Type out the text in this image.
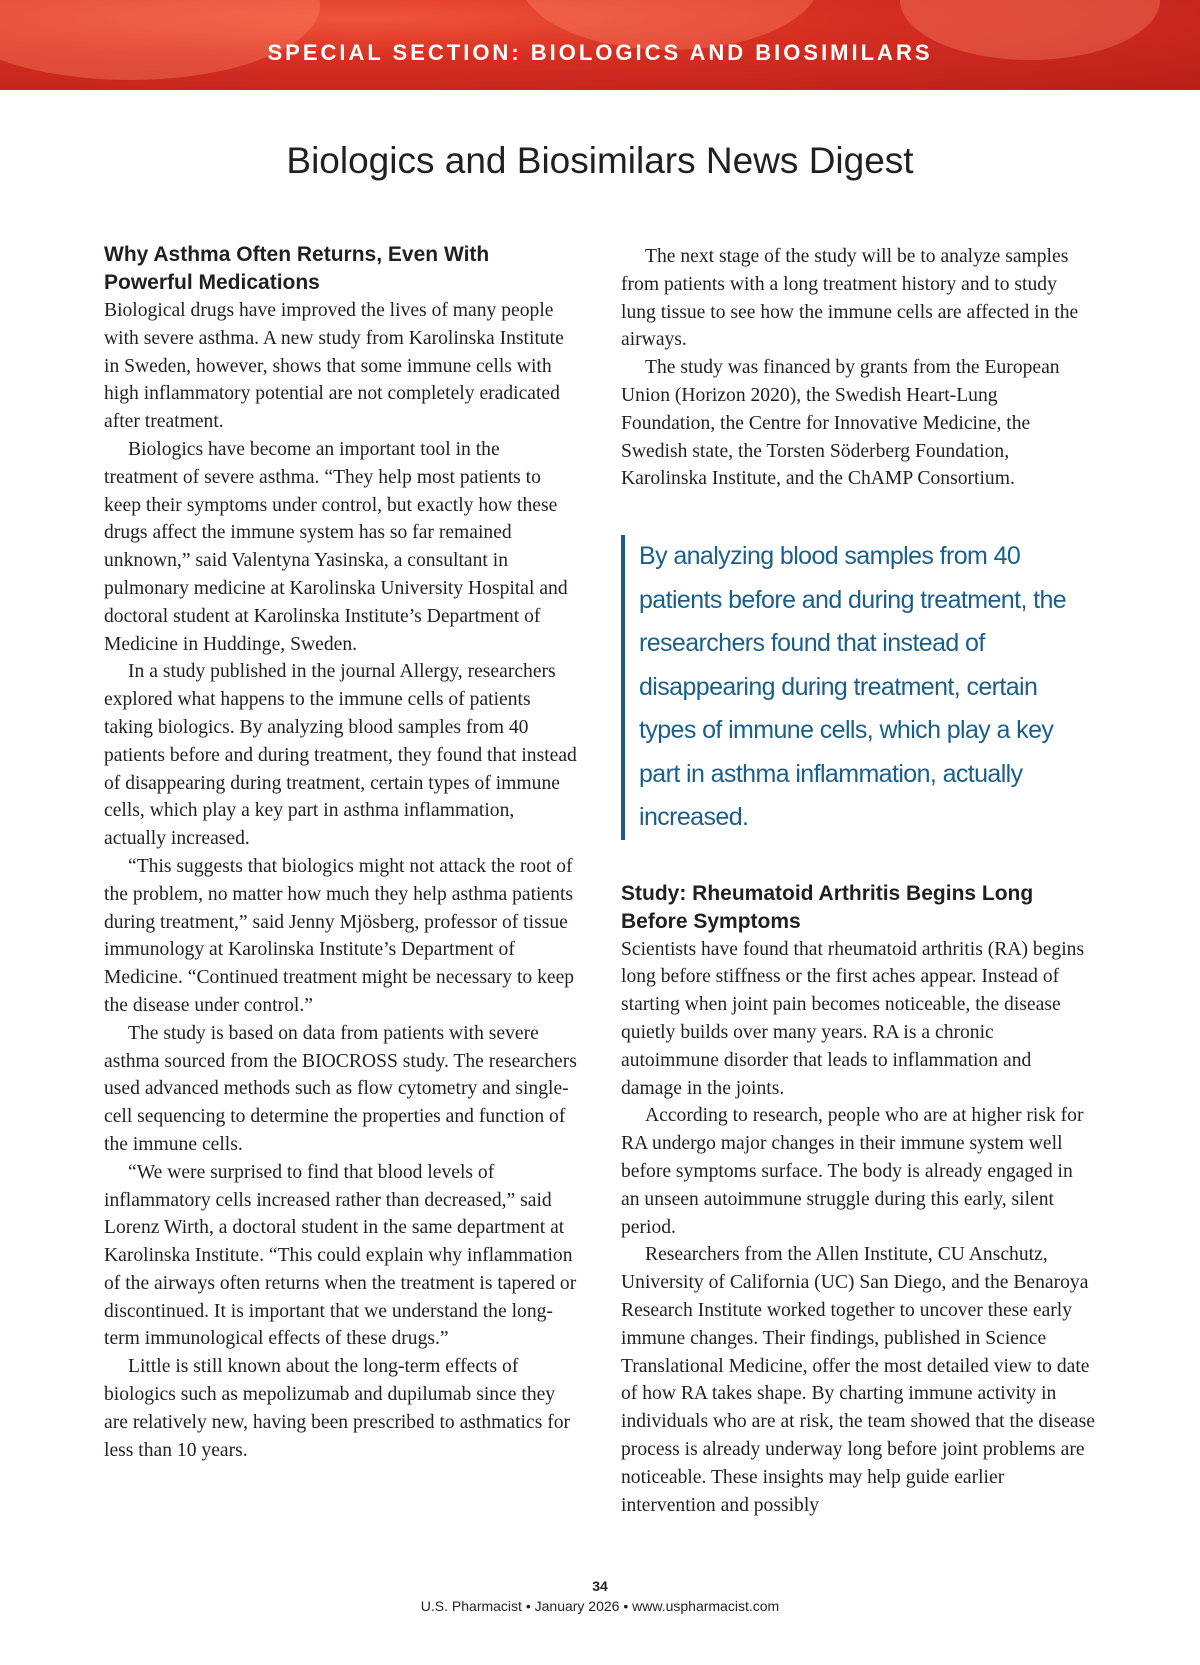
SPECIAL SECTION: BIOLOGICS AND BIOSIMILARS
Biologics and Biosimilars News Digest
Why Asthma Often Returns, Even With Powerful Medications

Biological drugs have improved the lives of many people with severe asthma. A new study from Karolinska Institute in Sweden, however, shows that some immune cells with high inflammatory potential are not completely eradicated after treatment.

Biologics have become an important tool in the treatment of severe asthma. “They help most patients to keep their symptoms under control, but exactly how these drugs affect the immune system has so far remained unknown,” said Valentyna Yasinska, a consultant in pulmonary medicine at Karolinska University Hospital and doctoral student at Karolinska Institute’s Department of Medicine in Huddinge, Sweden.

In a study published in the journal Allergy, researchers explored what happens to the immune cells of patients taking biologics. By analyzing blood samples from 40 patients before and during treatment, they found that instead of disappearing during treatment, certain types of immune cells, which play a key part in asthma inflammation, actually increased.

“This suggests that biologics might not attack the root of the problem, no matter how much they help asthma patients during treatment,” said Jenny Mjösberg, professor of tissue immunology at Karolinska Institute’s Department of Medicine. “Continued treatment might be necessary to keep the disease under control.”

The study is based on data from patients with severe asthma sourced from the BIOCROSS study. The researchers used advanced methods such as flow cytometry and single-cell sequencing to determine the properties and function of the immune cells.

“We were surprised to find that blood levels of inflammatory cells increased rather than decreased,” said Lorenz Wirth, a doctoral student in the same department at Karolinska Institute. “This could explain why inflammation of the airways often returns when the treatment is tapered or discontinued. It is important that we understand the long-term immunological effects of these drugs.”

Little is still known about the long-term effects of biologics such as mepolizumab and dupilumab since they are relatively new, having been prescribed to asthmatics for less than 10 years.

The next stage of the study will be to analyze samples from patients with a long treatment history and to study lung tissue to see how the immune cells are affected in the airways.

The study was financed by grants from the European Union (Horizon 2020), the Swedish Heart-Lung Foundation, the Centre for Innovative Medicine, the Swedish state, the Torsten Söderberg Foundation, Karolinska Institute, and the ChAMP Consortium.

By analyzing blood samples from 40 patients before and during treatment, the researchers found that instead of disappearing during treatment, certain types of immune cells, which play a key part in asthma inflammation, actually increased.
Study: Rheumatoid Arthritis Begins Long Before Symptoms

Scientists have found that rheumatoid arthritis (RA) begins long before stiffness or the first aches appear. Instead of starting when joint pain becomes noticeable, the disease quietly builds over many years. RA is a chronic autoimmune disorder that leads to inflammation and damage in the joints.

According to research, people who are at higher risk for RA undergo major changes in their immune system well before symptoms surface. The body is already engaged in an unseen autoimmune struggle during this early, silent period.

Researchers from the Allen Institute, CU Anschutz, University of California (UC) San Diego, and the Benaroya Research Institute worked together to uncover these early immune changes. Their findings, published in Science Translational Medicine, offer the most detailed view to date of how RA takes shape. By charting immune activity in individuals who are at risk, the team showed that the disease process is already underway long before joint problems are noticeable. These insights may help guide earlier intervention and possibly

34
U.S. Pharmacist • January 2026 • www.uspharmacist.com
